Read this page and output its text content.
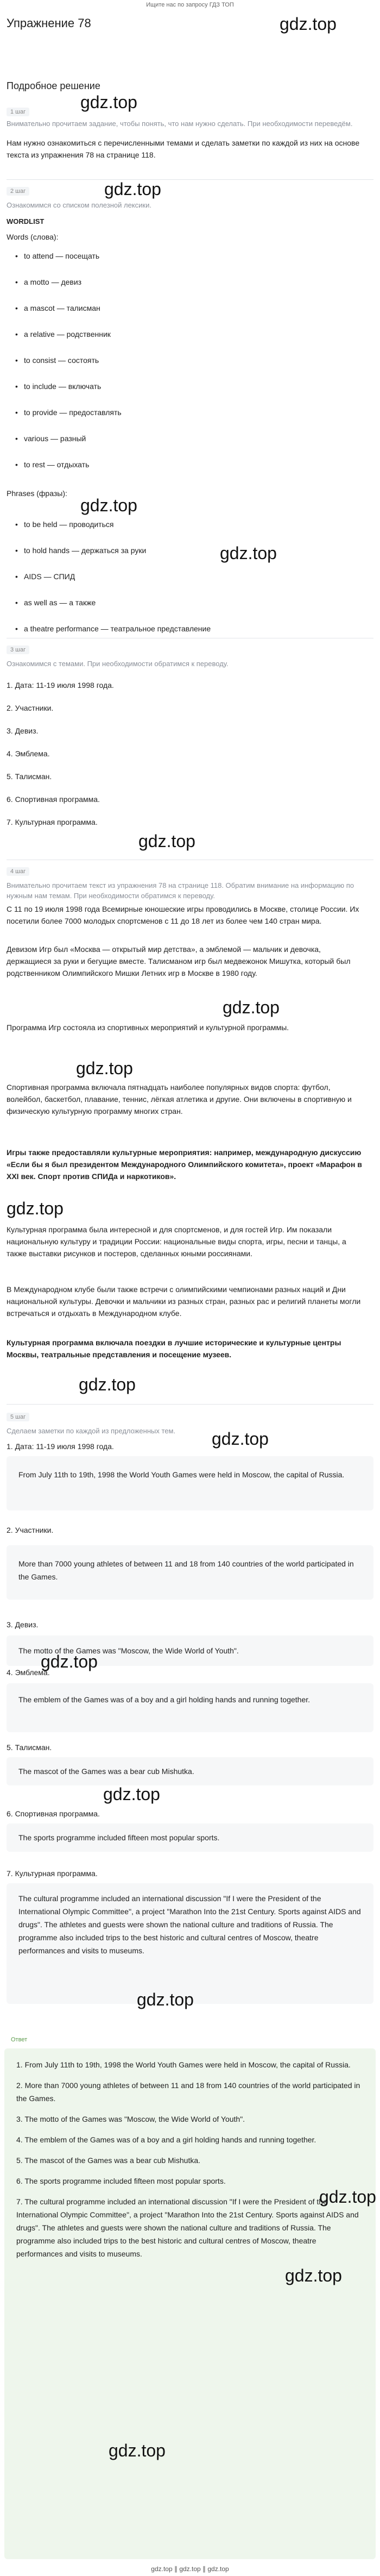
Ищите нас по запросу ГДЗ ТОП
Упражнение 78	gdz.top
Подробное решение
gdz.top
1 шаг
Внимательно прочитаем задание, чтобы понять, что нам нужно сделать. При необходимости переведём.
Нам нужно ознакомиться с перечисленными темами и сделать заметки по каждой из них на основе текста из упражнения 78 на странице 118.
2 шаг	gdz.top
Ознакомимся со списком полезной лексики.
WORDLIST
Words (слова):
• to attend — посещать
• a motto — девиз
• a mascot — талисман
• a relative — родственник
• to consist — состоять
• to include — включать
• to provide — предоставлять
• various — разный
• to rest — отдыхать
Phrases (фразы):
gdz.top
• to be held — проводиться
• to hold hands — держаться за руки
• AIDS — СПИД
• as well as — а также
• a theatre performance — театральное представление
gdz.top
3 шаг
Ознакомимся с темами. При необходимости обратимся к переводу.
1. Дата: 11-19 июля 1998 года.
2. Участники.
3. Девиз.
4. Эмблема.
5. Талисман.
6. Спортивная программа.
7. Культурная программа.
gdz.top
4 шаг
Внимательно прочитаем текст из упражнения 78 на странице 118. Обратим внимание на информацию по нужным нам темам. При необходимости обратимся к переводу.
С 11 по 19 июля 1998 года Всемирные юношеские игры проводились в Москве, столице России. Их посетили более 7000 молодых спортсменов с 11 до 18 лет из более чем 140 стран мира.
Девизом Игр был «Москва — открытый мир детства», а эмблемой — мальчик и девочка, держащиеся за руки и бегущие вместе. Талисманом игр был медвежонок Мишутка, который был родственником Олимпийского Мишки Летних игр в Москве в 1980 году.
gdz.top
Программа Игр состояла из спортивных мероприятий и культурной программы.
gdz.top
Спортивная программа включала пятнадцать наиболее популярных видов спорта: футбол, волейбол, баскетбол, плавание, теннис, лёгкая атлетика и другие. Они включены в спортивную и физическую культурную программу многих стран.
Игры также предоставляли культурные мероприятия: например, международную дискуссию «Если бы я был президентом Международного Олимпийского комитета», проект «Марафон в XXI век. Спорт против СПИДа и наркотиков».
gdz.top
Культурная программа была интересной и для спортсменов, и для гостей Игр. Им показали национальную культуру и традиции России: национальные виды спорта, игры, песни и танцы, а также выставки рисунков и постеров, сделанных юными россиянами.
В Международном клубе были также встречи с олимпийскими чемпионами разных наций и Дни национальной культуры. Девочки и мальчики из разных стран, разных рас и религий планеты могли встречаться и отдыхать в Международном клубе.
Культурная программа включала поездки в лучшие исторические и культурные центры Москвы, театральные представления и посещение музеев.
gdz.top
5 шаг
Сделаем заметки по каждой из предложенных тем.	gdz.top
1. Дата: 11-19 июля 1998 года.

From July 11th to 19th, 1998 the World Youth Games were held in Moscow, the capital of Russia.

2. Участники.

More than 7000 young athletes of between 11 and 18 from 140 countries of the world participated in the Games.

3. Девиз.

The motto of the Games was "Moscow, the Wide World of Youth".

gdz.top
4. Эмблема.

The emblem of the Games was of a boy and a girl holding hands and running together.

5. Талисман.

The mascot of the Games was a bear cub Mishutka.

gdz.top
6. Спортивная программа.

The sports programme included fifteen most popular sports.

7. Культурная программа.

The cultural programme included an international discussion "If I were the President of the International Olympic Committee", a project "Marathon Into the 21st Century. Sports against AIDS and drugs". The athletes and guests were shown the national culture and traditions of Russia. The programme also included trips to the best historic and cultural centres of Moscow, theatre performances and visits to museums.

gdz.top
Ответ

1. From July 11th to 19th, 1998 the World Youth Games were held in Moscow, the capital of Russia.

2. More than 7000 young athletes of between 11 and 18 from 140 countries of the world participated in the Games.

3. The motto of the Games was "Moscow, the Wide World of Youth".

4. The emblem of the Games was of a boy and a girl holding hands and running together.

5. The mascot of the Games was a bear cub Mishutka.

6. The sports programme included fifteen most popular sports.

7. The cultural programme included an international discussion "If I were the President of the International Olympic Committee", a project "Marathon Into the 21st Century. Sports against AIDS and drugs". The athletes and guests were shown the national culture and traditions of Russia. The programme also included trips to the best historic and cultural centres of Moscow, theatre performances and visits to museums.

gdz.top
gdz.top
gdz.top
gdz.top ∥ gdz.top ∥ gdz.top
